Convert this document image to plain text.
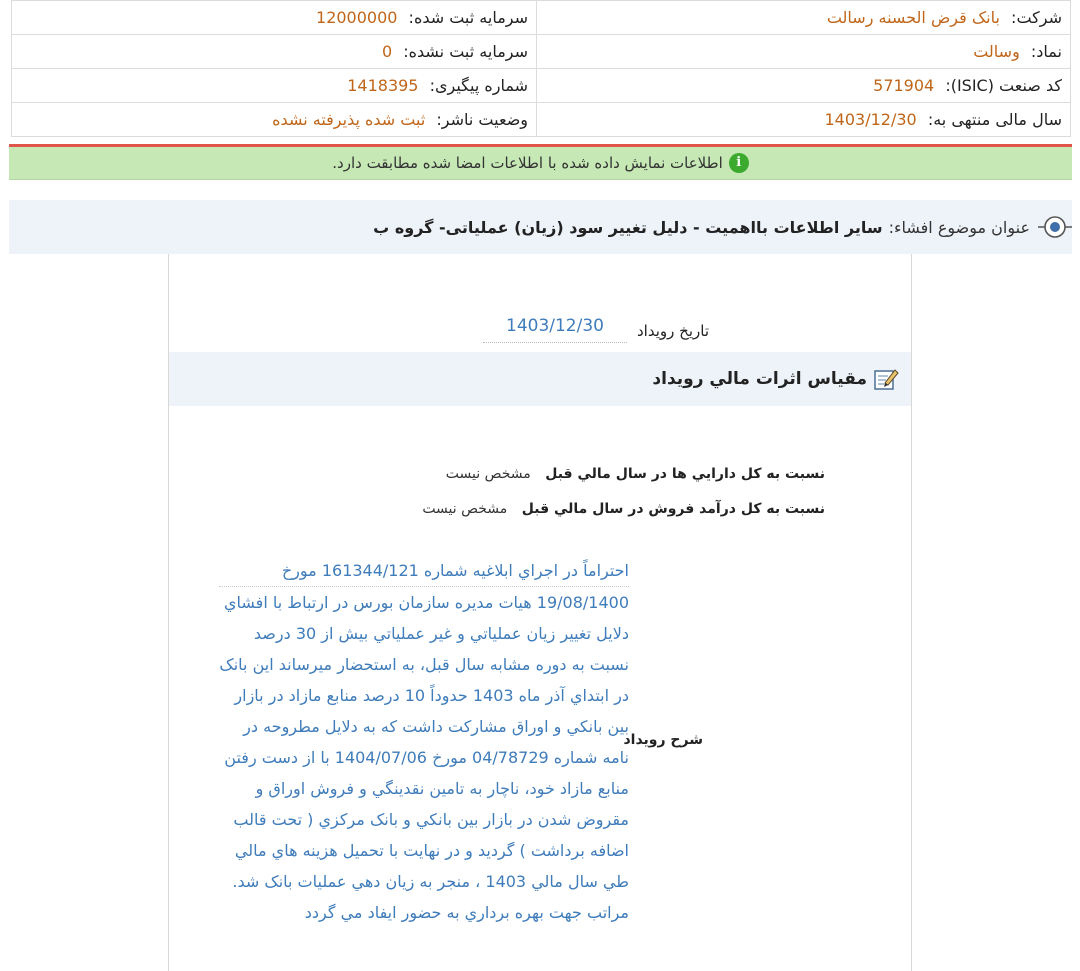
شرکت: بانک قرض الحسنه رسالت	سرمایه ثبت شده: 12000000
نماد: وسالت	سرمایه ثبت نشده: 0
کد صنعت (ISIC): 571904	شماره پیگیری: 1418395
سال مالی منتهی به: 1403/12/30	وضعیت ناشر: ثبت شده پذیرفته نشده
i
اطلاعات نمایش داده شده با اطلاعات امضا شده مطابقت دارد.
عنوان موضوع افشاء:
سایر اطلاعات بااهمیت - دلیل تغییر سود (زیان) عملیاتی- گروه ب
تاريخ رويداد
1403/12/30
مقياس اثرات مالي رويداد
نسبت به کل دارايي ها در سال مالي قبل مشخص نيست
نسبت به کل درآمد فروش در سال مالي قبل مشخص نيست
شرح رويداد
احتراماً در اجراي ابلاغيه شماره 161344/121 مورخ
19/08/1400 هيات مديره سازمان بورس در ارتباط با افشاي دلايل تغيير زيان عملياتي و غير عملياتي بيش از 30 درصد نسبت به دوره مشابه سال قبل، به استحضار ميرساند اين بانک در ابتداي آذر ماه 1403 حدوداً 10 درصد منابع مازاد در بازار بين بانکي و اوراق مشارکت داشت که به دلايل مطروحه در نامه شماره 04/78729 مورخ 1404/07/06 با از دست رفتن منابع مازاد خود، ناچار به تامين نقدينگي و فروش اوراق و مقروض شدن در بازار بين بانکي و بانک مرکزي ( تحت قالب اضافه برداشت ) گرديد و در نهايت با تحميل هزينه هاي مالي طي سال مالي 1403 ، منجر به زيان دهي عمليات بانک شد. مراتب جهت بهره برداري به حضور ايفاد مي گردد
